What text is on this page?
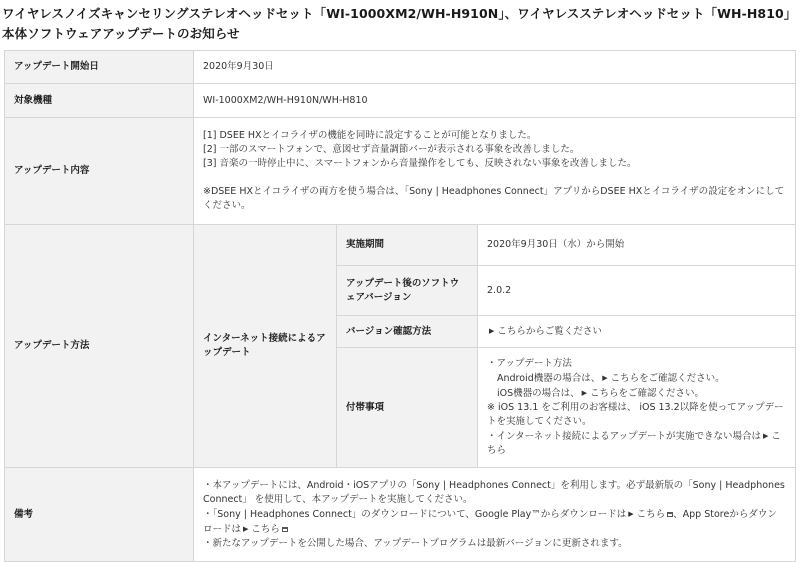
ワイヤレスノイズキャンセリングステレオヘッドセット「WI-1000XM2/WH-H910N」、ワイヤレスステレオヘッドセット「WH-H810」本体ソフトウェアアップデートのお知らせ
アップデート開始日	2020年9月30日		
対象機種	WI-1000XM2/WH-H910N/WH-H810		
アップデート内容	[1] DSEE HXとイコライザの機能を同時に設定することが可能となりました。
[2] 一部のスマートフォンで、意図せず音量調節バーが表示される事象を改善しました。
[3] 音楽の一時停止中に、スマートフォンから音量操作をしても、反映されない事象を改善しました。
※DSEE HXとイコライザの両方を使う場合は、「Sony | Headphones Connect」アプリからDSEE HXとイコライザの設定をオンにしてください。		

アップデート方法	インターネット接続によるアップデート	実施期間	2020年9月30日（水）から開始
		アップデート後のソフトウェアバージョン	2.0.2
		バージョン確認方法	▶ こちらからご覧ください
		付帯事項	・アップデート方法
Android機器の場合は、 ▶ こちらをご確認ください。
iOS機器の場合は、 ▶ こちらをご確認ください。
※ iOS 13.1 をご利用のお客様は、 iOS 13.2以降を使ってアップデートを実施してください。
・インターネット接続によるアップデートが実施できない場合は ▶ こちら

備考	・本アップデートには、Android・iOSアプリの「Sony | Headphones Connect」を利用します。必ず最新版の「Sony | Headphones Connect」 を使用して、本アップデートを実施してください。
・「Sony | Headphones Connect」のダウンロードについて、Google Play™からダウンロードは ▶ こちら 、App Storeからダウンロードは ▶ こちら
・新たなアップデートを公開した場合、アップデートプログラムは最新バージョンに更新されます。		
